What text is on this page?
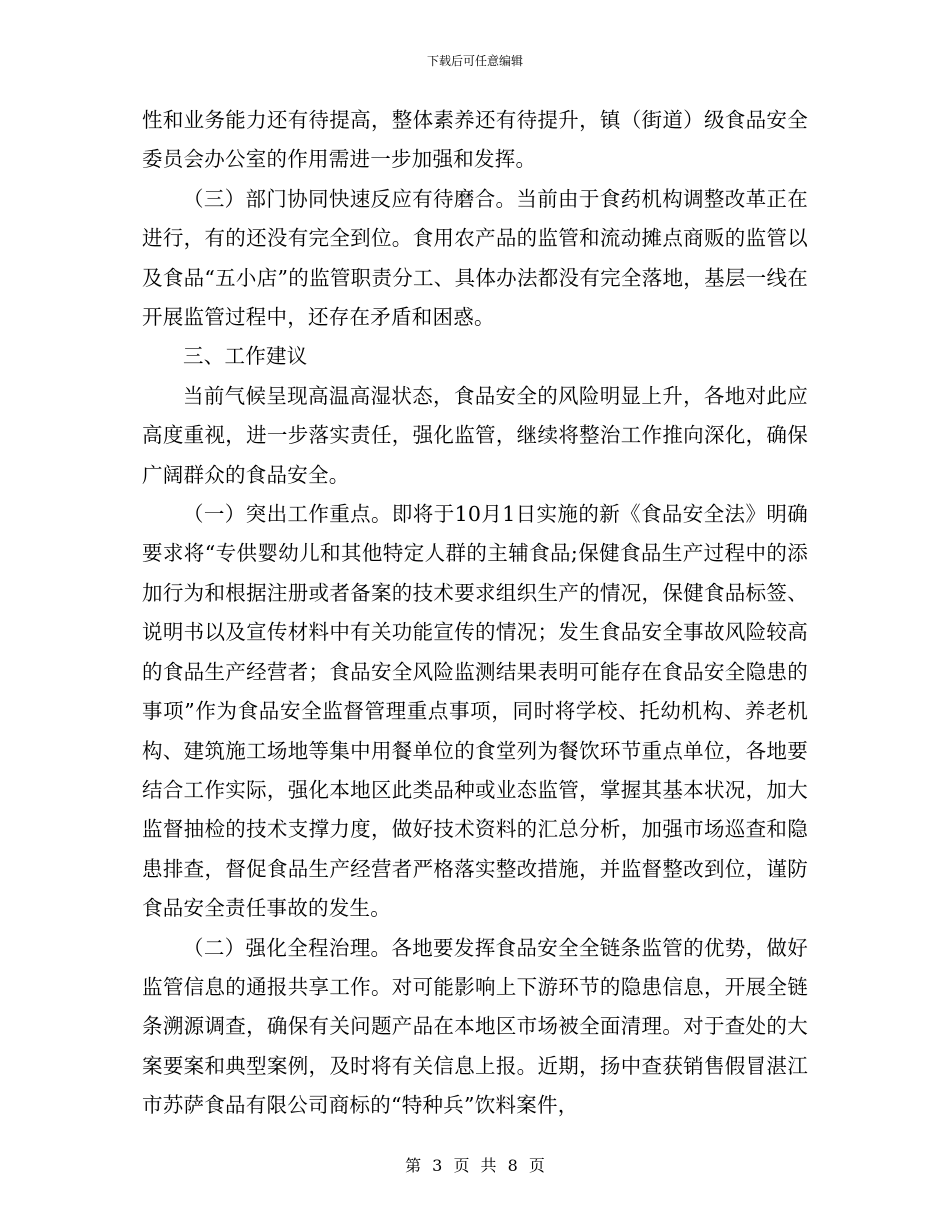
下载后可任意编辑

性和业务能力还有待提高，整体素养还有待提升，镇（街道）级食品安全委员会办公室的作用需进一步加强和发挥。

（三）部门协同快速反应有待磨合。当前由于食药机构调整改革正在进行，有的还没有完全到位。食用农产品的监管和流动摊点商贩的监管以及食品“五小店”的监管职责分工、具体办法都没有完全落地，基层一线在开展监管过程中，还存在矛盾和困惑。

三、工作建议

当前气候呈现高温高湿状态，食品安全的风险明显上升，各地对此应高度重视，进一步落实责任，强化监管，继续将整治工作推向深化，确保广阔群众的食品安全。

（一）突出工作重点。即将于10月1日实施的新《食品安全法》明确要求将“专供婴幼儿和其他特定人群的主辅食品;保健食品生产过程中的添加行为和根据注册或者备案的技术要求组织生产的情况，保健食品标签、说明书以及宣传材料中有关功能宣传的情况；发生食品安全事故风险较高的食品生产经营者；食品安全风险监测结果表明可能存在食品安全隐患的事项”作为食品安全监督管理重点事项，同时将学校、托幼机构、养老机构、建筑施工场地等集中用餐单位的食堂列为餐饮环节重点单位，各地要结合工作实际，强化本地区此类品种或业态监管，掌握其基本状况，加大监督抽检的技术支撑力度，做好技术资料的汇总分析，加强市场巡查和隐患排查，督促食品生产经营者严格落实整改措施，并监督整改到位，谨防食品安全责任事故的发生。

（二）强化全程治理。各地要发挥食品安全全链条监管的优势，做好监管信息的通报共享工作。对可能影响上下游环节的隐患信息，开展全链条溯源调查，确保有关问题产品在本地区市场被全面清理。对于查处的大案要案和典型案例，及时将有关信息上报。近期，扬中查获销售假冒湛江市苏萨食品有限公司商标的“特种兵”饮料案件，

第 3 页 共 8 页
